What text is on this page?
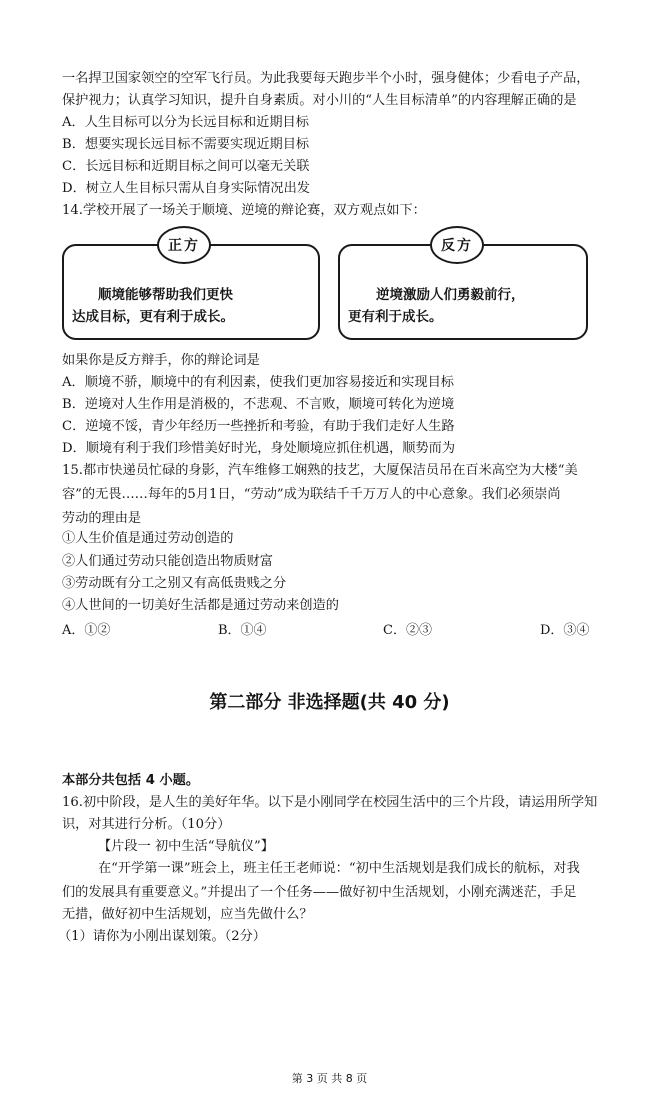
一名捍卫国家领空的空军飞行员。为此我要每天跑步半个小时，强身健体；少看电子产品，
保护视力；认真学习知识，提升自身素质。对小川的“人生目标清单”的内容理解正确的是
A．人生目标可以分为长远目标和近期目标
B．想要实现长远目标不需要实现近期目标
C．长远目标和近期目标之间可以毫无关联
D．树立人生目标只需从自身实际情况出发
14.学校开展了一场关于顺境、逆境的辩论赛，双方观点如下：
顺境能够帮助我们更快
达成目标，更有利于成长。
正方
逆境激励人们勇毅前行，
更有利于成长。
反方
如果你是反方辩手，你的辩论词是
A．顺境不骄，顺境中的有利因素，使我们更加容易接近和实现目标
B．逆境对人生作用是消极的，不悲观、不言败，顺境可转化为逆境
C．逆境不馁，青少年经历一些挫折和考验，有助于我们走好人生路
D．顺境有利于我们珍惜美好时光，身处顺境应抓住机遇，顺势而为
15.都市快递员忙碌的身影，汽车维修工娴熟的技艺，大厦保洁员吊在百米高空为大楼“美
容”的无畏……每年的5月1日，“劳动”成为联结千千万万人的中心意象。我们必须崇尚
劳动的理由是
①人生价值是通过劳动创造的
②人们通过劳动只能创造出物质财富
③劳动既有分工之别又有高低贵贱之分
④人世间的一切美好生活都是通过劳动来创造的
A．①②	B．①④	C．②③	D．③④
第二部分 非选择题(共 40 分)
本部分共包括 4 小题。
16.初中阶段，是人生的美好年华。以下是小刚同学在校园生活中的三个片段，请运用所学知
识，对其进行分析。（10分）
【片段一 初中生活“导航仪”】
在“开学第一课”班会上，班主任王老师说：“初中生活规划是我们成长的航标，对我
们的发展具有重要意义。”并提出了一个任务——做好初中生活规划，小刚充满迷茫，手足
无措，做好初中生活规划，应当先做什么？
（1）请你为小刚出谋划策。（2分）
第 3 页 共 8 页
